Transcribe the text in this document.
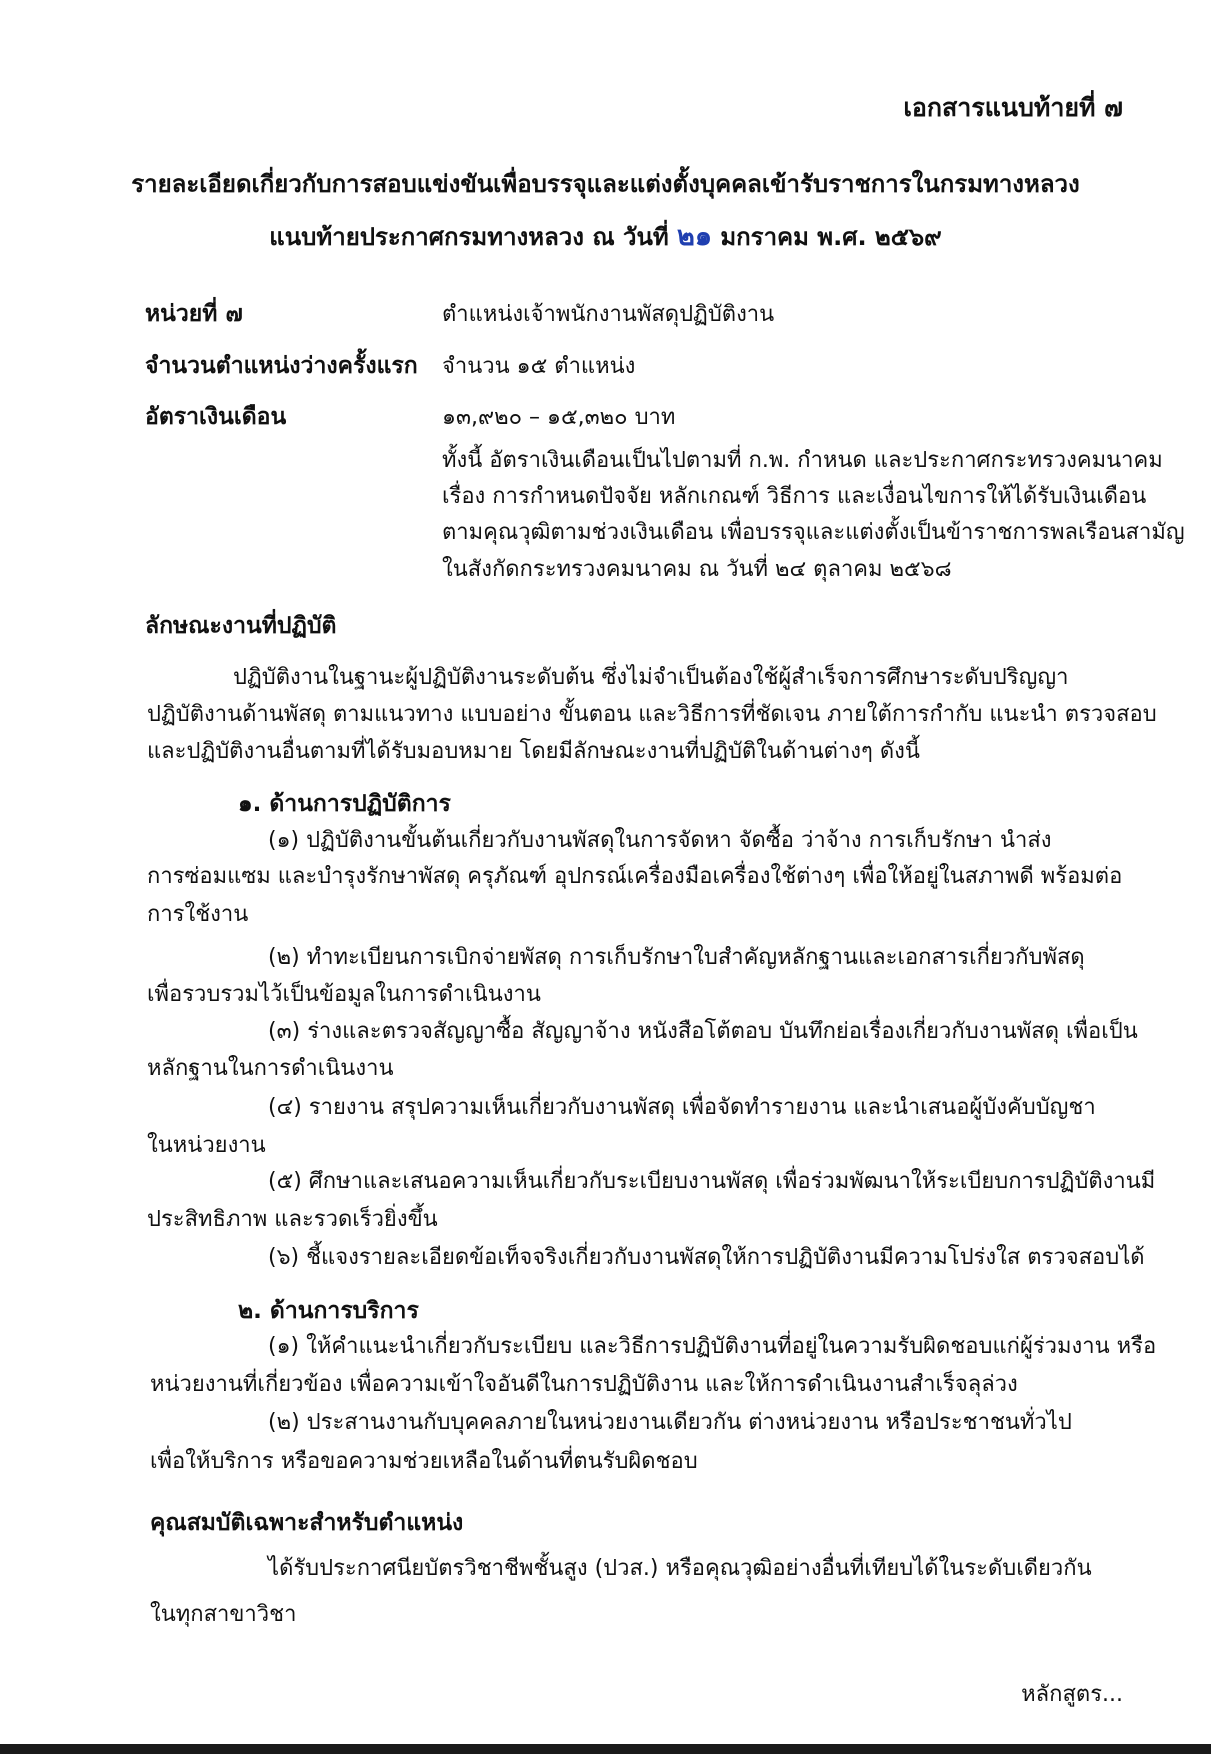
เอกสารแนบท้ายที่ ๗
รายละเอียดเกี่ยวกับการสอบแข่งขันเพื่อบรรจุและแต่งตั้งบุคคลเข้ารับราชการในกรมทางหลวง
แนบท้ายประกาศกรมทางหลวง ณ วันที่ ๒๑ มกราคม พ.ศ. ๒๕๖๙
หน่วยที่ ๗	ตำแหน่งเจ้าพนักงานพัสดุปฏิบัติงาน
จำนวนตำแหน่งว่างครั้งแรก จำนวน ๑๕ ตำแหน่ง
อัตราเงินเดือน	๑๓,๙๒๐ – ๑๕,๓๒๐ บาท
ทั้งนี้ อัตราเงินเดือนเป็นไปตามที่ ก.พ. กำหนด และประกาศกระทรวงคมนาคม
เรื่อง การกำหนดปัจจัย หลักเกณฑ์ วิธีการ และเงื่อนไขการให้ได้รับเงินเดือน
ตามคุณวุฒิตามช่วงเงินเดือน เพื่อบรรจุและแต่งตั้งเป็นข้าราชการพลเรือนสามัญ
ในสังกัดกระทรวงคมนาคม ณ วันที่ ๒๔ ตุลาคม ๒๕๖๘
ลักษณะงานที่ปฏิบัติ
ปฏิบัติงานในฐานะผู้ปฏิบัติงานระดับต้น ซึ่งไม่จำเป็นต้องใช้ผู้สำเร็จการศึกษาระดับปริญญา
ปฏิบัติงานด้านพัสดุ ตามแนวทาง แบบอย่าง ขั้นตอน และวิธีการที่ชัดเจน ภายใต้การกำกับ แนะนำ ตรวจสอบ
และปฏิบัติงานอื่นตามที่ได้รับมอบหมาย โดยมีลักษณะงานที่ปฏิบัติในด้านต่างๆ ดังนี้
๑. ด้านการปฏิบัติการ
(๑) ปฏิบัติงานขั้นต้นเกี่ยวกับงานพัสดุในการจัดหา จัดซื้อ ว่าจ้าง การเก็บรักษา นำส่ง
การซ่อมแซม และบำรุงรักษาพัสดุ ครุภัณฑ์ อุปกรณ์เครื่องมือเครื่องใช้ต่างๆ เพื่อให้อยู่ในสภาพดี พร้อมต่อ
การใช้งาน
(๒) ทำทะเบียนการเบิกจ่ายพัสดุ การเก็บรักษาใบสำคัญหลักฐานและเอกสารเกี่ยวกับพัสดุ
เพื่อรวบรวมไว้เป็นข้อมูลในการดำเนินงาน
(๓) ร่างและตรวจสัญญาซื้อ สัญญาจ้าง หนังสือโต้ตอบ บันทึกย่อเรื่องเกี่ยวกับงานพัสดุ เพื่อเป็น
หลักฐานในการดำเนินงาน
(๔) รายงาน สรุปความเห็นเกี่ยวกับงานพัสดุ เพื่อจัดทำรายงาน และนำเสนอผู้บังคับบัญชา
ในหน่วยงาน
(๕) ศึกษาและเสนอความเห็นเกี่ยวกับระเบียบงานพัสดุ เพื่อร่วมพัฒนาให้ระเบียบการปฏิบัติงานมี
ประสิทธิภาพ และรวดเร็วยิ่งขึ้น
(๖) ชี้แจงรายละเอียดข้อเท็จจริงเกี่ยวกับงานพัสดุให้การปฏิบัติงานมีความโปร่งใส ตรวจสอบได้
๒. ด้านการบริการ
(๑) ให้คำแนะนำเกี่ยวกับระเบียบ และวิธีการปฏิบัติงานที่อยู่ในความรับผิดชอบแก่ผู้ร่วมงาน หรือ
หน่วยงานที่เกี่ยวข้อง เพื่อความเข้าใจอันดีในการปฏิบัติงาน และให้การดำเนินงานสำเร็จลุล่วง
(๒) ประสานงานกับบุคคลภายในหน่วยงานเดียวกัน ต่างหน่วยงาน หรือประชาชนทั่วไป
เพื่อให้บริการ หรือขอความช่วยเหลือในด้านที่ตนรับผิดชอบ
คุณสมบัติเฉพาะสำหรับตำแหน่ง
ได้รับประกาศนียบัตรวิชาชีพชั้นสูง (ปวส.) หรือคุณวุฒิอย่างอื่นที่เทียบได้ในระดับเดียวกัน
ในทุกสาขาวิชา
หลักสูตร...
